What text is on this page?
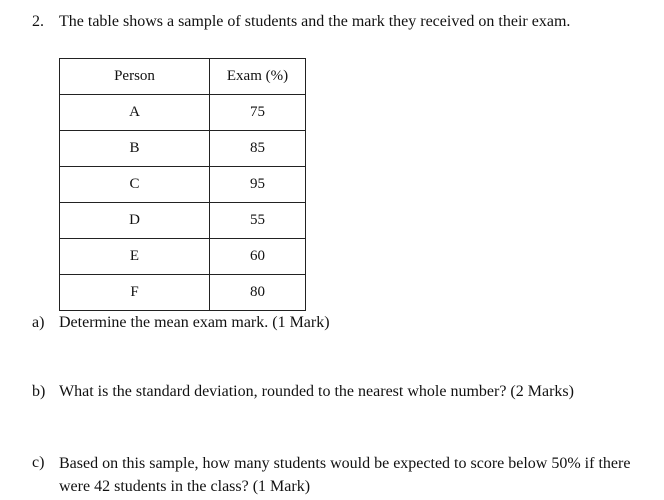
2. The table shows a sample of students and the mark they received on their exam.
Person	Exam (%)
A	75
B	85
C	95
D	55
E	60
F	80
a) Determine the mean exam mark. (1 Mark)
b) What is the standard deviation, rounded to the nearest whole number? (2 Marks)
c) Based on this sample, how many students would be expected to score below 50% if there were 42 students in the class? (1 Mark)
